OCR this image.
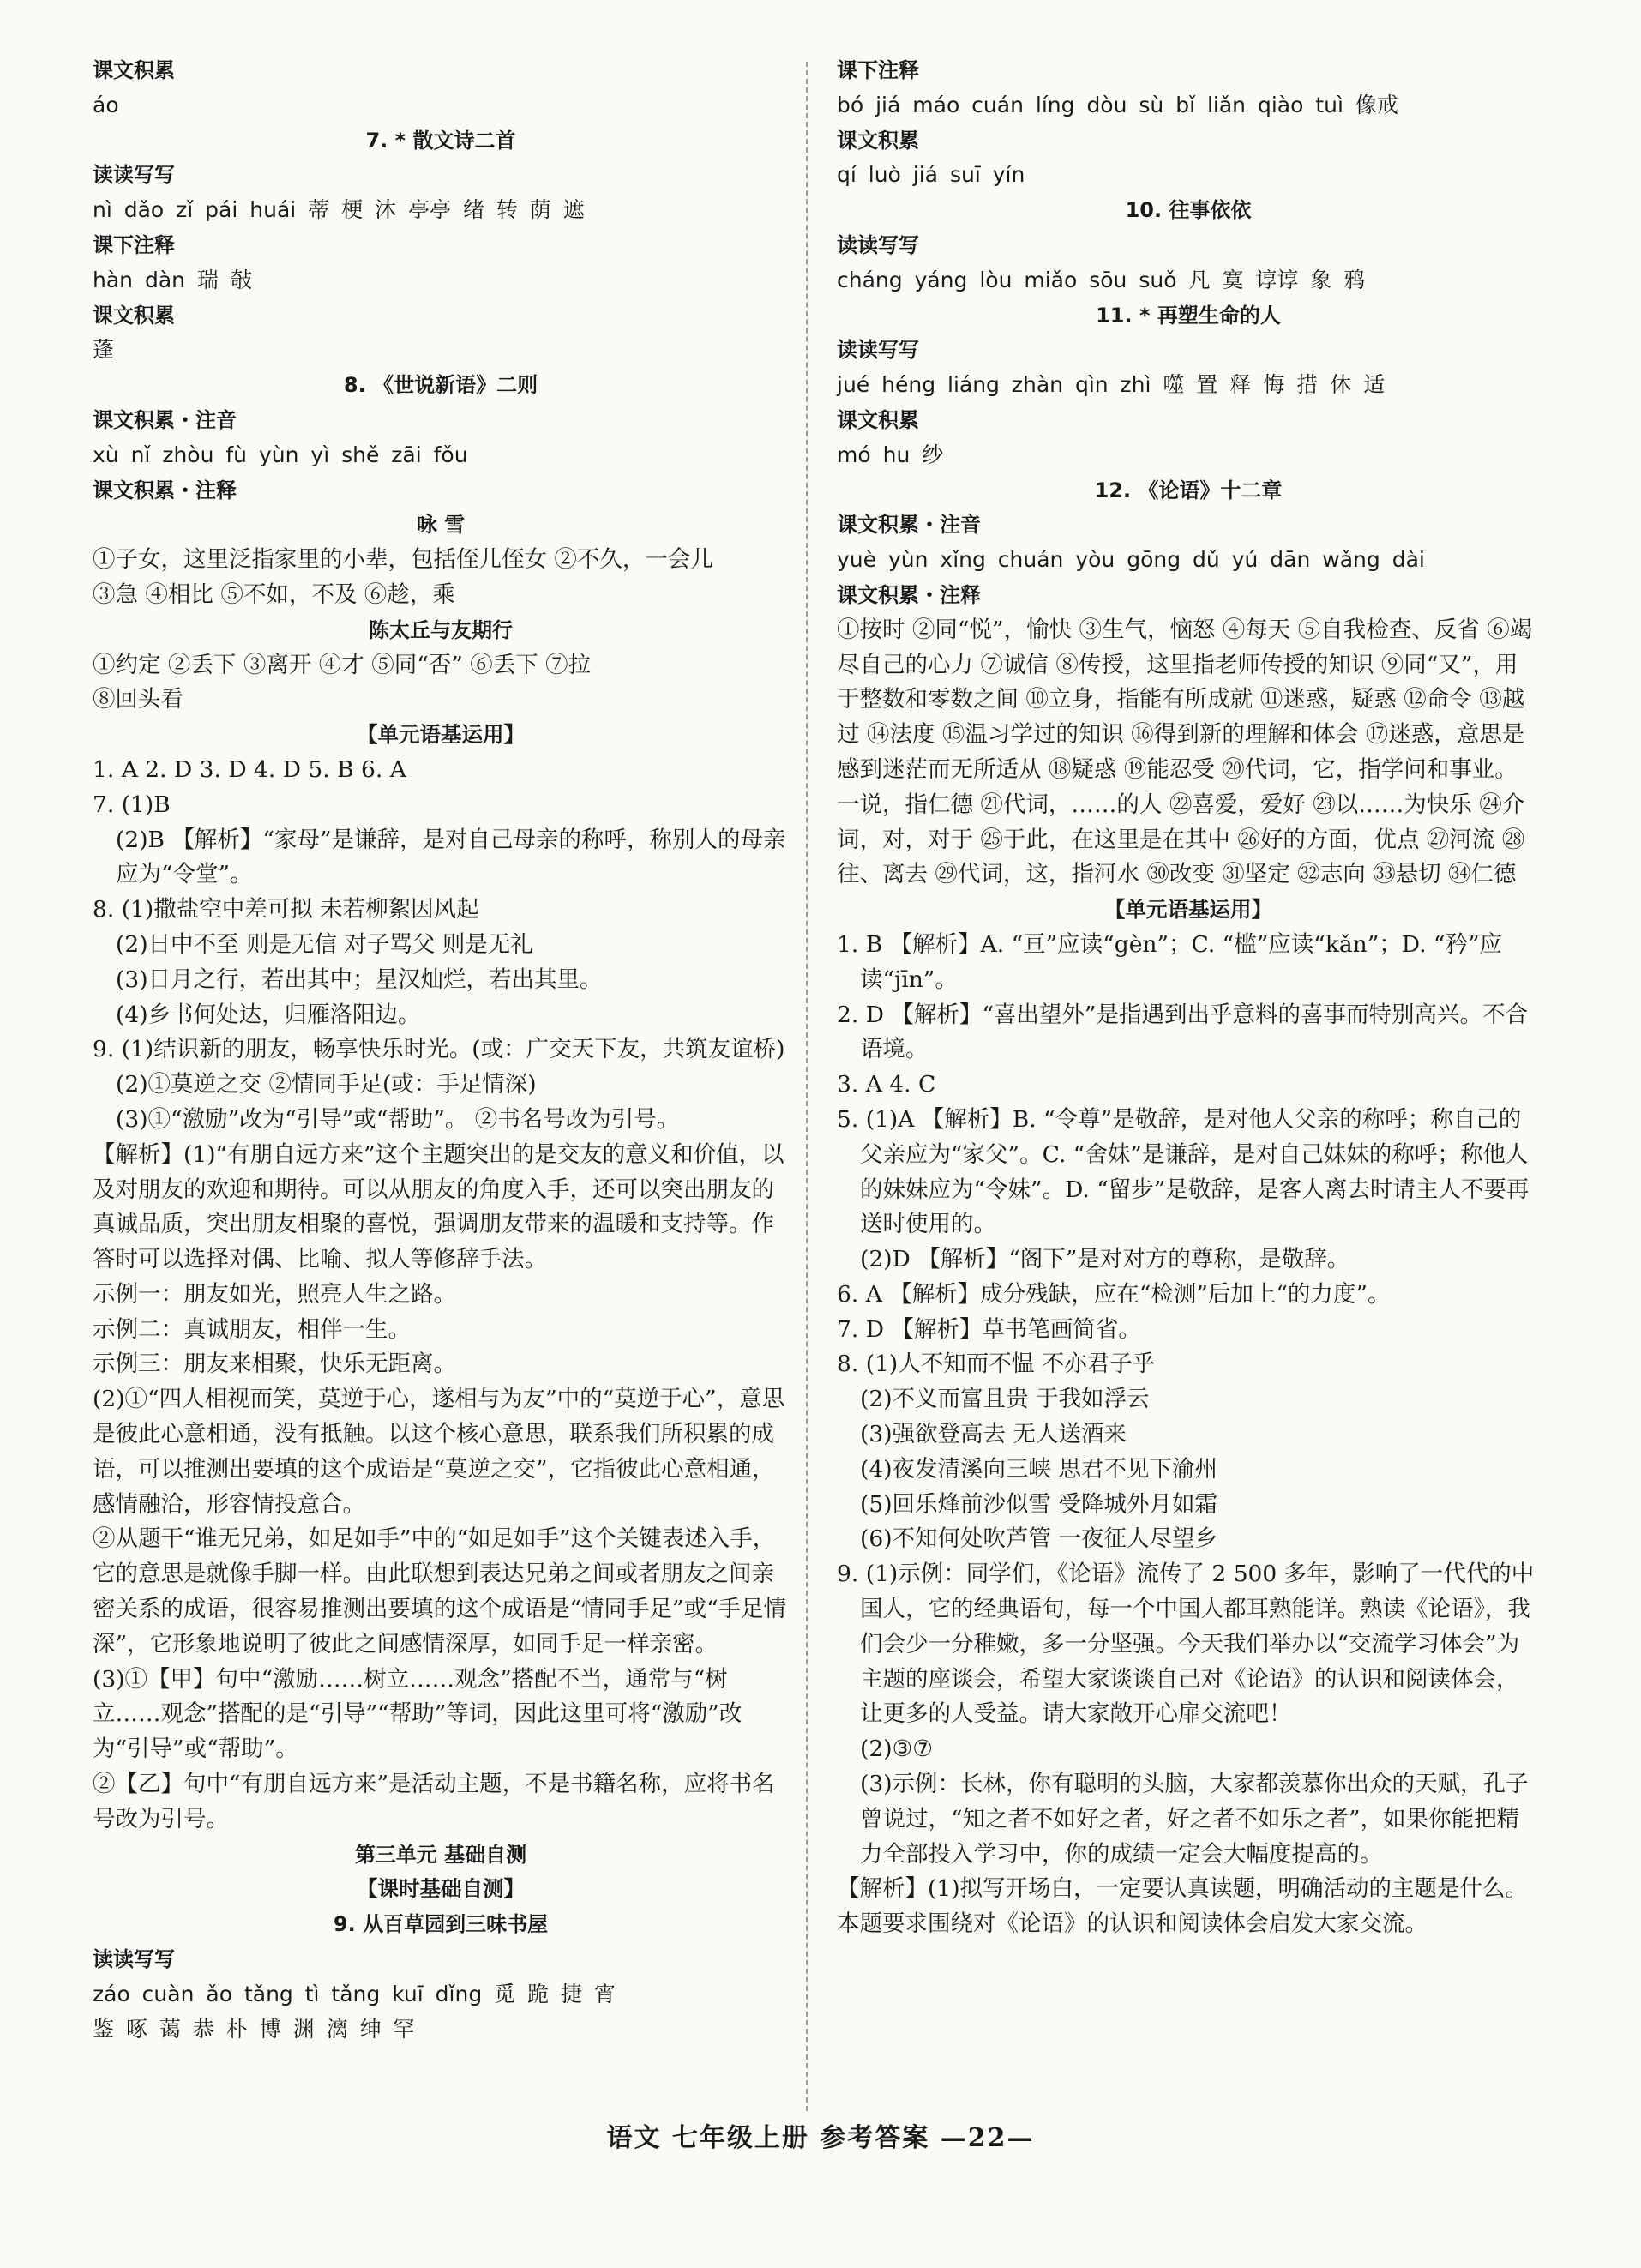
课文积累
áo
7. * 散文诗二首
读读写写
nì dǎo zǐ pái huái 蒂 梗 沐 亭亭 绪 转 荫 遮
课下注释
hàn dàn 瑞 敧
课文积累
蓬
8. 《世说新语》二则
课文积累・注音
xù nǐ zhòu fù yùn yì shě zāi fǒu
课文积累・注释
咏 雪
①子女，这里泛指家里的小辈，包括侄儿侄女 ②不久，一会儿
③急 ④相比 ⑤不如，不及 ⑥趁，乘
陈太丘与友期行
①约定 ②丢下 ③离开 ④才 ⑤同“否” ⑥丢下 ⑦拉
⑧回头看
【单元语基运用】
1. A 2. D 3. D 4. D 5. B 6. A
7. (1)B
(2)B 【解析】“家母”是谦辞，是对自己母亲的称呼，称别人的母亲应为“令堂”。
8. (1)撒盐空中差可拟 未若柳絮因风起
(2)日中不至 则是无信 对子骂父 则是无礼
(3)日月之行，若出其中；星汉灿烂，若出其里。
(4)乡书何处达，归雁洛阳边。
9. (1)结识新的朋友，畅享快乐时光。(或：广交天下友，共筑友谊桥)
(2)①莫逆之交 ②情同手足(或：手足情深)
(3)①“激励”改为“引导”或“帮助”。 ②书名号改为引号。
【解析】(1)“有朋自远方来”这个主题突出的是交友的意义和价值，以及对朋友的欢迎和期待。可以从朋友的角度入手，还可以突出朋友的真诚品质，突出朋友相聚的喜悦，强调朋友带来的温暖和支持等。作答时可以选择对偶、比喻、拟人等修辞手法。
示例一：朋友如光，照亮人生之路。
示例二：真诚朋友，相伴一生。
示例三：朋友来相聚，快乐无距离。
(2)①“四人相视而笑，莫逆于心，遂相与为友”中的“莫逆于心”，意思是彼此心意相通，没有抵触。以这个核心意思，联系我们所积累的成语，可以推测出要填的这个成语是“莫逆之交”，它指彼此心意相通，感情融洽，形容情投意合。
②从题干“谁无兄弟，如足如手”中的“如足如手”这个关键表述入手，它的意思是就像手脚一样。由此联想到表达兄弟之间或者朋友之间亲密关系的成语，很容易推测出要填的这个成语是“情同手足”或“手足情深”，它形象地说明了彼此之间感情深厚，如同手足一样亲密。
(3)①【甲】句中“激励……树立……观念”搭配不当，通常与“树立……观念”搭配的是“引导”“帮助”等词，因此这里可将“激励”改为“引导”或“帮助”。
②【乙】句中“有朋自远方来”是活动主题，不是书籍名称，应将书名号改为引号。
第三单元 基础自测
【课时基础自测】
9. 从百草园到三味书屋
读读写写
záo cuàn ǎo tǎng tì tǎng kuī dǐng 觅 跪 捷 宵
鉴 啄 蔼 恭 朴 博 渊 漓 绅 罕
课下注释
bó jiá máo cuán líng dòu sù bǐ liǎn qiào tuì 像戒
课文积累
qí luò jiá suī yín
10. 往事依依
读读写写
cháng yáng lòu miǎo sōu suǒ 凡 寞 谆谆 象 鸦
11. * 再塑生命的人
读读写写
jué héng liáng zhàn qìn zhì 噬 置 释 悔 措 休 适
课文积累
mó hu 纱
12. 《论语》十二章
课文积累・注音
yuè yùn xǐng chuán yòu gōng dǔ yú dān wǎng dài
课文积累・注释
①按时 ②同“悦”，愉快 ③生气，恼怒 ④每天 ⑤自我检查、反省 ⑥竭尽自己的心力 ⑦诚信 ⑧传授，这里指老师传授的知识 ⑨同“又”，用于整数和零数之间 ⑩立身，指能有所成就 ⑪迷惑，疑惑 ⑫命令 ⑬越过 ⑭法度 ⑮温习学过的知识 ⑯得到新的理解和体会 ⑰迷惑，意思是感到迷茫而无所适从 ⑱疑惑 ⑲能忍受 ⑳代词，它，指学问和事业。一说，指仁德 ㉑代词，……的人 ㉒喜爱，爱好 ㉓以……为快乐 ㉔介词，对，对于 ㉕于此，在这里是在其中 ㉖好的方面，优点 ㉗河流 ㉘往、离去 ㉙代词，这，指河水 ㉚改变 ㉛坚定 ㉜志向 ㉝悬切 ㉞仁德
【单元语基运用】
1. B 【解析】A. “亘”应读“gèn”；C. “槛”应读“kǎn”；D. “矜”应读“jīn”。
2. D 【解析】“喜出望外”是指遇到出乎意料的喜事而特别高兴。不合语境。
3. A 4. C
5. (1)A 【解析】B. “令尊”是敬辞，是对他人父亲的称呼；称自己的父亲应为“家父”。C. “舍妹”是谦辞，是对自己妹妹的称呼；称他人的妹妹应为“令妹”。D. “留步”是敬辞，是客人离去时请主人不要再送时使用的。
(2)D 【解析】“阁下”是对对方的尊称，是敬辞。
6. A 【解析】成分残缺，应在“检测”后加上“的力度”。
7. D 【解析】草书笔画简省。
8. (1)人不知而不愠 不亦君子乎
(2)不义而富且贵 于我如浮云
(3)强欲登高去 无人送酒来
(4)夜发清溪向三峡 思君不见下渝州
(5)回乐烽前沙似雪 受降城外月如霜
(6)不知何处吹芦管 一夜征人尽望乡
9. (1)示例：同学们，《论语》流传了 2 500 多年，影响了一代代的中国人，它的经典语句，每一个中国人都耳熟能详。熟读《论语》，我们会少一分稚嫩，多一分坚强。今天我们举办以“交流学习体会”为主题的座谈会，希望大家谈谈自己对《论语》的认识和阅读体会，让更多的人受益。请大家敞开心扉交流吧！
(2)③⑦
(3)示例：长林，你有聪明的头脑，大家都羡慕你出众的天赋，孔子曾说过，“知之者不如好之者，好之者不如乐之者”，如果你能把精力全部投入学习中，你的成绩一定会大幅度提高的。
【解析】(1)拟写开场白，一定要认真读题，明确活动的主题是什么。本题要求围绕对《论语》的认识和阅读体会启发大家交流。
语文 七年级上册 参考答案 —22—
